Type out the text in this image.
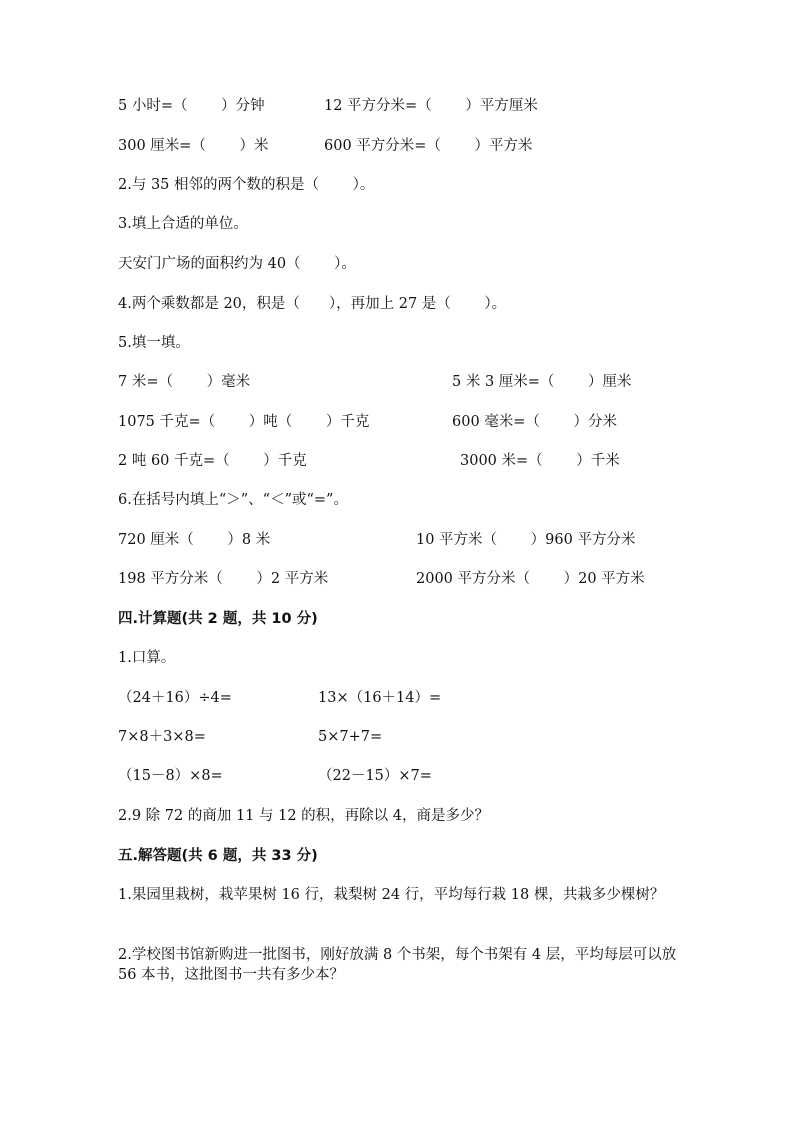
5 小时=（　　 ）分钟	12 平方分米=（　　 ）平方厘米
300 厘米=（　　 ）米	600 平方分米=（　　 ）平方米
2.与 35 相邻的两个数的积是（　　 ）。
3.填上合适的单位。
天安门广场的面积约为 40（　　 ）。
4.两个乘数都是 20，积是（　　），再加上 27 是（　　 ）。
5.填一填。
7 米=（　　 ）毫米	5 米 3 厘米=（　　 ）厘米
1075 千克=（　　 ）吨（　　 ）千克	600 毫米=（　　 ）分米
2 吨 60 千克=（　　 ）千克	3000 米=（　　 ）千米
6.在括号内填上“＞”、“＜”或“=”。
720 厘米（　　 ）8 米	10 平方米（　　 ）960 平方分米
198 平方分米（　　 ）2 平方米	2000 平方分米（　　 ）20 平方米
四.计算题(共 2 题，共 10 分)
1.口算。
（24＋16）÷4=	13×（16＋14）=
7×8＋3×8=	5×7+7=
（15－8）×8=	（22－15）×7=
2.9 除 72 的商加 11 与 12 的积，再除以 4，商是多少？
五.解答题(共 6 题，共 33 分)
1.果园里栽树，栽苹果树 16 行，栽梨树 24 行，平均每行栽 18 棵，共栽多少棵树？
2.学校图书馆新购进一批图书，刚好放满 8 个书架，每个书架有 4 层，平均每层可以放 56 本书，这批图书一共有多少本？
